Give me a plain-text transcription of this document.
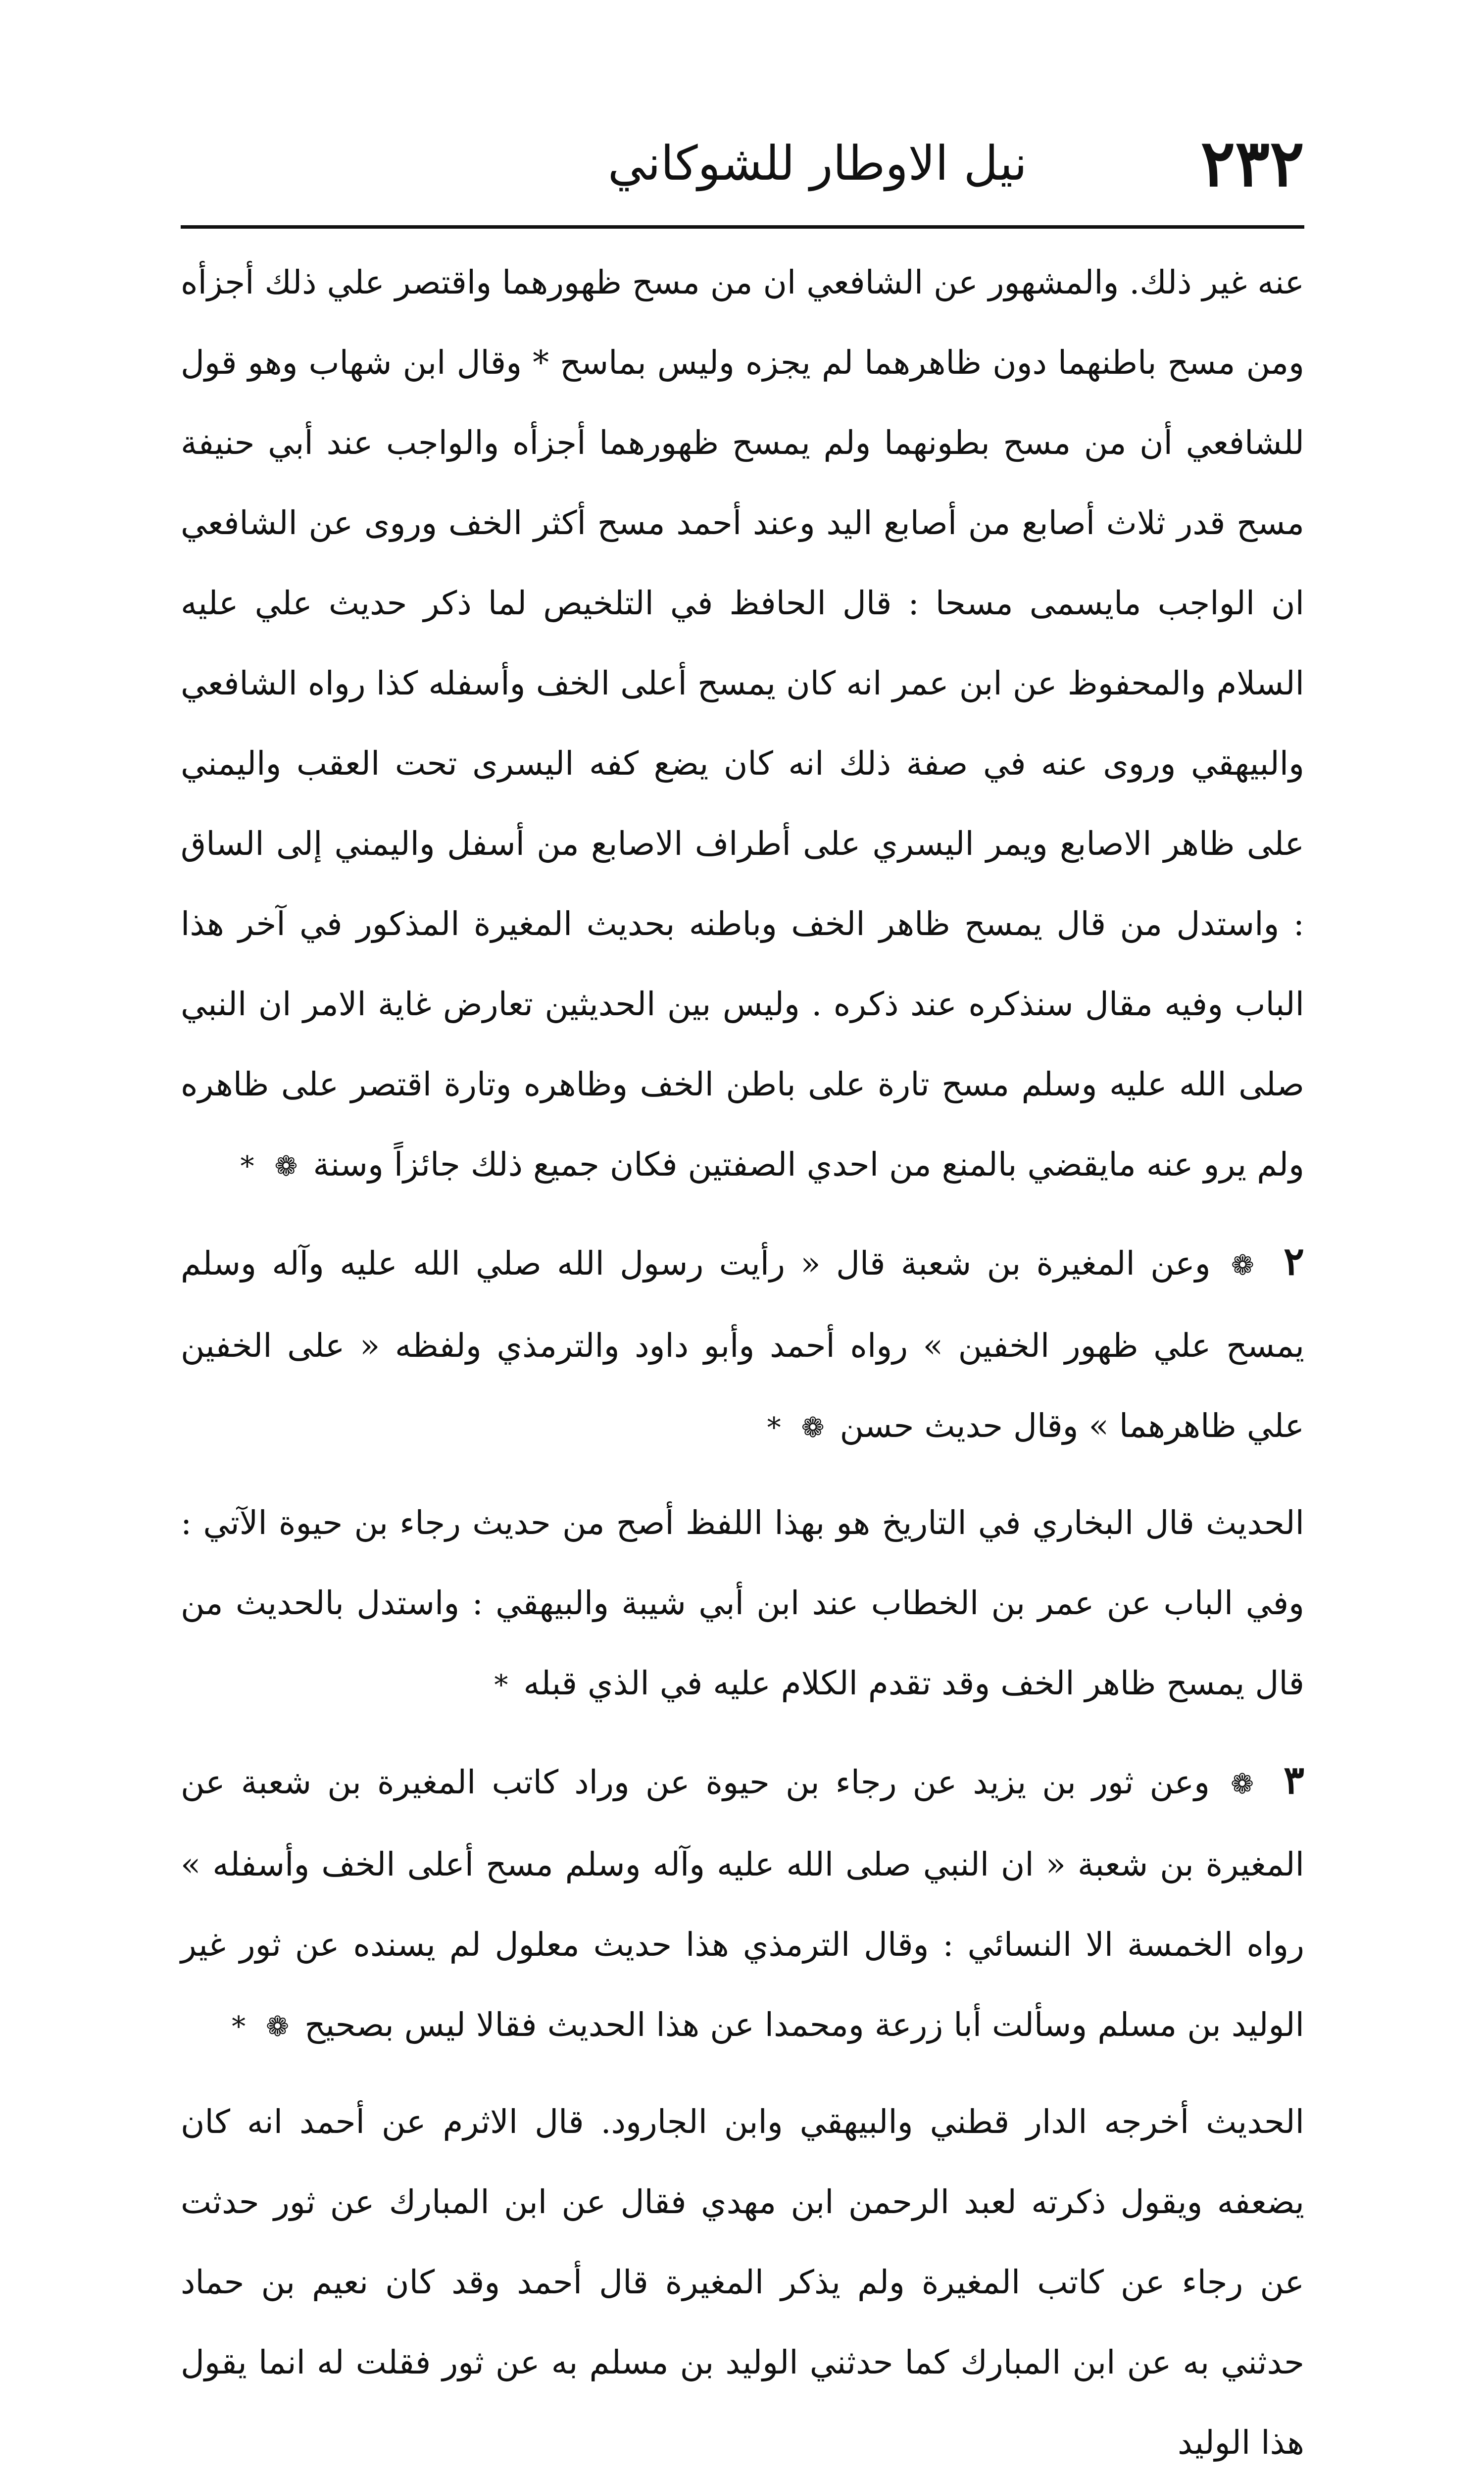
٢٣٢
نيل الاوطار للشوكاني

عنه غير ذلك. والمشهور عن الشافعي ان من مسح ظهورهما واقتصر علي ذلك أجزأه ومن مسح باطنهما دون ظاهرهما لم يجزه وليس بماسح * وقال ابن شهاب وهو قول للشافعي أن من مسح بطونهما ولم يمسح ظهورهما أجزأه والواجب عند أبي حنيفة مسح قدر ثلاث أصابع من أصابع اليد وعند أحمد مسح أكثر الخف وروى عن الشافعي ان الواجب مايسمى مسحا : قال الحافظ في التلخيص لما ذكر حديث علي عليه السلام والمحفوظ عن ابن عمر انه كان يمسح أعلى الخف وأسفله كذا رواه الشافعي والبيهقي وروى عنه في صفة ذلك انه كان يضع كفه اليسرى تحت العقب واليمني على ظاهر الاصابع ويمر اليسري على أطراف الاصابع من أسفل واليمني إلى الساق : واستدل من قال يمسح ظاهر الخف وباطنه بحديث المغيرة المذكور في آخر هذا الباب وفيه مقال سنذكره عند ذكره . وليس بين الحديثين تعارض غاية الامر ان النبي صلى الله عليه وسلم مسح تارة على باطن الخف وظاهره وتارة اقتصر على ظاهره ولم يرو عنه مايقضي بالمنع من احدي الصفتين فكان جميع ذلك جائزاً وسنة ❁ *

٢ ❁ وعن المغيرة بن شعبة قال « رأيت رسول الله صلي الله عليه وآله وسلم يمسح علي ظهور الخفين » رواه أحمد وأبو داود والترمذي ولفظه « على الخفين علي ظاهرهما » وقال حديث حسن ❁ *

الحديث قال البخاري في التاريخ هو بهذا اللفظ أصح من حديث رجاء بن حيوة الآتي : وفي الباب عن عمر بن الخطاب عند ابن أبي شيبة والبيهقي : واستدل بالحديث من قال يمسح ظاهر الخف وقد تقدم الكلام عليه في الذي قبله *

٣ ❁ وعن ثور بن يزيد عن رجاء بن حيوة عن وراد كاتب المغيرة بن شعبة عن المغيرة بن شعبة « ان النبي صلى الله عليه وآله وسلم مسح أعلى الخف وأسفله » رواه الخمسة الا النسائي : وقال الترمذي هذا حديث معلول لم يسنده عن ثور غير الوليد بن مسلم وسألت أبا زرعة ومحمدا عن هذا الحديث فقالا ليس بصحيح ❁ *

الحديث أخرجه الدار قطني والبيهقي وابن الجارود. قال الاثرم عن أحمد انه كان يضعفه ويقول ذكرته لعبد الرحمن ابن مهدي فقال عن ابن المبارك عن ثور حدثت عن رجاء عن كاتب المغيرة ولم يذكر المغيرة قال أحمد وقد كان نعيم بن حماد حدثني به عن ابن المبارك كما حدثني الوليد بن مسلم به عن ثور فقلت له انما يقول هذا الوليد
